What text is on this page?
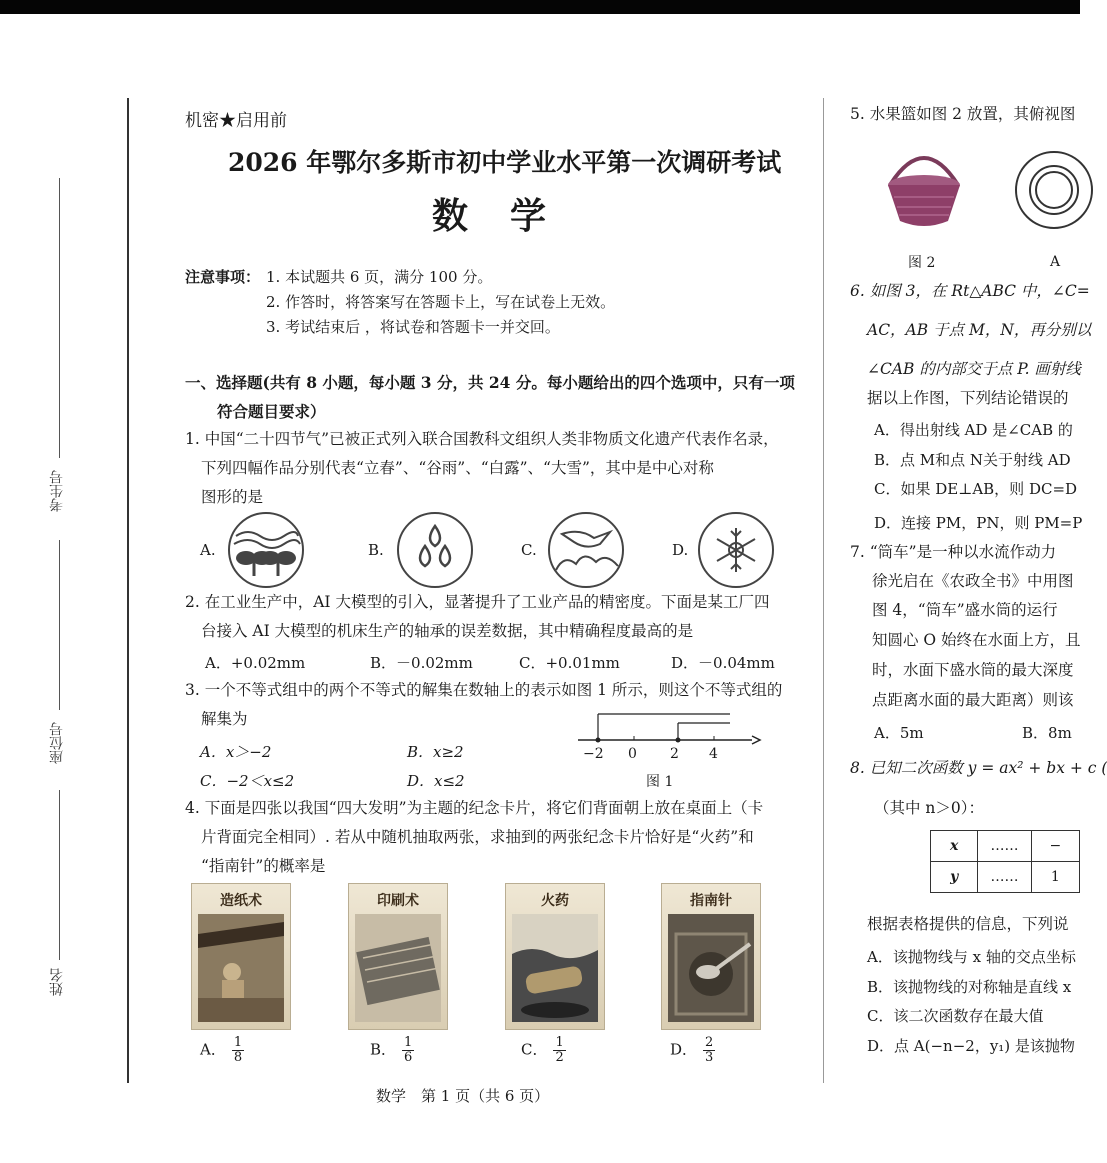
考生号
座位号
姓名
机密★启用前
2026 年鄂尔多斯市初中学业水平第一次调研考试
数学
注意事项： 1. 本试题共 6 页，满分 100 分。
2. 作答时，将答案写在答题卡上，写在试卷上无效。
3. 考试结束后 ，将试卷和答题卡一并交回。
一、选择题(共有 8 小题，每小题 3 分，共 24 分。每小题给出的四个选项中，只有一项
符合题目要求）
1. 中国“二十四节气”已被正式列入联合国教科文组织人类非物质文化遗产代表作名录，
下列四幅作品分别代表“立春”、“谷雨”、“白露”、“大雪”，其中是中心对称
图形的是
A.	B.	C.	D.
2. 在工业生产中，AI 大模型的引入，显著提升了工业产品的精密度。下面是某工厂四
台接入 AI 大模型的机床生产的轴承的误差数据，其中精确程度最高的是
A．+0.02mm	B．－0.02mm	C．+0.01mm	D．－0.04mm
3. 一个不等式组中的两个不等式的解集在数轴上的表示如图 1 所示，则这个不等式组的
解集为
A．x＞−2	B．x≥2
C．−2＜x≤2	D．x≤2
−2 0 2 4
图 1
4. 下面是四张以我国“四大发明”为主题的纪念卡片，将它们背面朝上放在桌面上（卡
片背面完全相同）. 若从中随机抽取两张，求抽到的两张纪念卡片恰好是“火药”和
“指南针”的概率是
造纸术	印刷术	火药	指南针
A． $\frac{1}{8}$	B． $\frac{1}{6}$	C． $\frac{1}{2}$	D． $\frac{2}{3}$
数学　第 1 页（共 6 页）
5. 水果篮如图 2 放置，其俯视图
图 2	A
6. 如图 3，在 Rt△ABC 中，∠C=
AC，AB 于点 M，N，再分别以
∠CAB 的内部交于点 P. 画射线
据以上作图，下列结论错误的
A．得出射线 AD 是∠CAB 的
B．点 M和点 N关于射线 AD
C．如果 DE⊥AB，则 DC=D
D．连接 PM，PN，则 PM=P
7. “筒车”是一种以水流作动力
徐光启在《农政全书》中用图
图 4，“筒车”盛水筒的运行
知圆心 O 始终在水面上方，且
时，水面下盛水筒的最大深度
点距离水面的最大距离）则该
A．5m	B．8m
8. 已知二次函数 y = ax² + bx + c (
（其中 n＞0）：
x	……	−
y	……	1
根据表格提供的信息，下列说
A．该抛物线与 x 轴的交点坐标
B．该抛物线的对称轴是直线 x
C．该二次函数存在最大值
D．点 A(−n−2，y₁) 是该抛物
